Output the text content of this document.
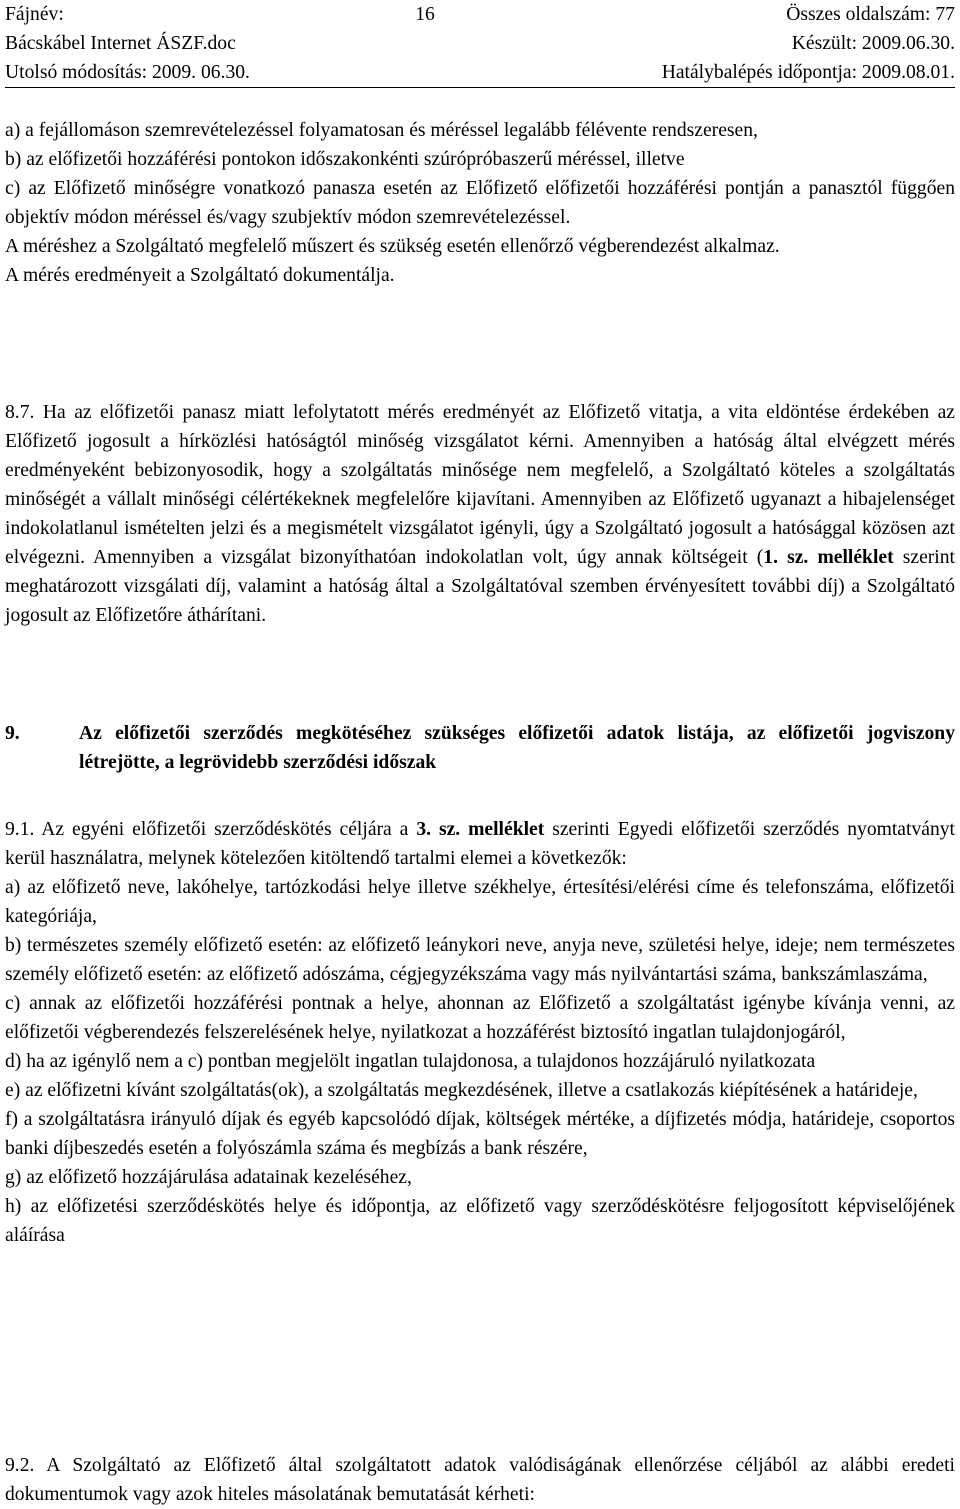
Fájnév:	16	Összes oldalszám: 77
Bácskábel Internet ÁSZF.doc	Készült: 2009.06.30.
Utolsó módosítás: 2009. 06.30.	Hatálybalépés időpontja: 2009.08.01.

a) a fejállomáson szemrevételezéssel folyamatosan és méréssel legalább félévente rendszeresen,

b) az előfizetői hozzáférési pontokon időszakonkénti szúrópróbaszerű méréssel, illetve

c) az Előfizető minőségre vonatkozó panasza esetén az Előfizető előfizetői hozzáférési pontján a panasztól függően objektív módon méréssel és/vagy szubjektív módon szemrevételezéssel.

A méréshez a Szolgáltató megfelelő műszert és szükség esetén ellenőrző végberendezést alkalmaz.

A mérés eredményeit a Szolgáltató dokumentálja.

8.7. Ha az előfizetői panasz miatt lefolytatott mérés eredményét az Előfizető vitatja, a vita eldöntése érdekében az Előfizető jogosult a hírközlési hatóságtól minőség vizsgálatot kérni. Amennyiben a hatóság által elvégzett mérés eredményeként bebizonyosodik, hogy a szolgáltatás minősége nem megfelelő, a Szolgáltató köteles a szolgáltatás minőségét a vállalt minőségi célértékeknek megfelelőre kijavítani. Amennyiben az Előfizető ugyanazt a hibajelenséget indokolatlanul ismételten jelzi és a megismételt vizsgálatot igényli, úgy a Szolgáltató jogosult a hatósággal közösen azt elvégezni. Amennyiben a vizsgálat bizonyíthatóan indokolatlan volt, úgy annak költségeit (1. sz. melléklet szerint meghatározott vizsgálati díj, valamint a hatóság által a Szolgáltatóval szemben érvényesített további díj) a Szolgáltató jogosult az Előfizetőre áthárítani.

9.	Az előfizetői szerződés megkötéséhez szükséges előfizetői adatok listája, az előfizetői jogviszony létrejötte, a legrövidebb szerződési időszak

9.1. Az egyéni előfizetői szerződéskötés céljára a 3. sz. melléklet szerinti Egyedi előfizetői szerződés nyomtatványt kerül használatra, melynek kötelezően kitöltendő tartalmi elemei a következők:

a) az előfizető neve, lakóhelye, tartózkodási helye illetve székhelye, értesítési/elérési címe és telefonszáma, előfizetői kategóriája,

b) természetes személy előfizető esetén: az előfizető leánykori neve, anyja neve, születési helye, ideje; nem természetes személy előfizető esetén: az előfizető adószáma, cégjegyzékszáma vagy más nyilvántartási száma, bankszámlaszáma,

c) annak az előfizetői hozzáférési pontnak a helye, ahonnan az Előfizető a szolgáltatást igénybe kívánja venni, az előfizetői végberendezés felszerelésének helye, nyilatkozat a hozzáférést biztosító ingatlan tulajdonjogáról,

d) ha az igénylő nem a c) pontban megjelölt ingatlan tulajdonosa, a tulajdonos hozzájáruló nyilatkozata

e) az előfizetni kívánt szolgáltatás(ok), a szolgáltatás megkezdésének, illetve a csatlakozás kiépítésének a határideje,

f) a szolgáltatásra irányuló díjak és egyéb kapcsolódó díjak, költségek mértéke, a díjfizetés módja, határideje, csoportos banki díjbeszedés esetén a folyószámla száma és megbízás a bank részére,

g) az előfizető hozzájárulása adatainak kezeléséhez,

h) az előfizetési szerződéskötés helye és időpontja, az előfizető vagy szerződéskötésre feljogosított képviselőjének aláírása

9.2. A Szolgáltató az Előfizető által szolgáltatott adatok valódiságának ellenőrzése céljából az alábbi eredeti dokumentumok vagy azok hiteles másolatának bemutatását kérheti:
